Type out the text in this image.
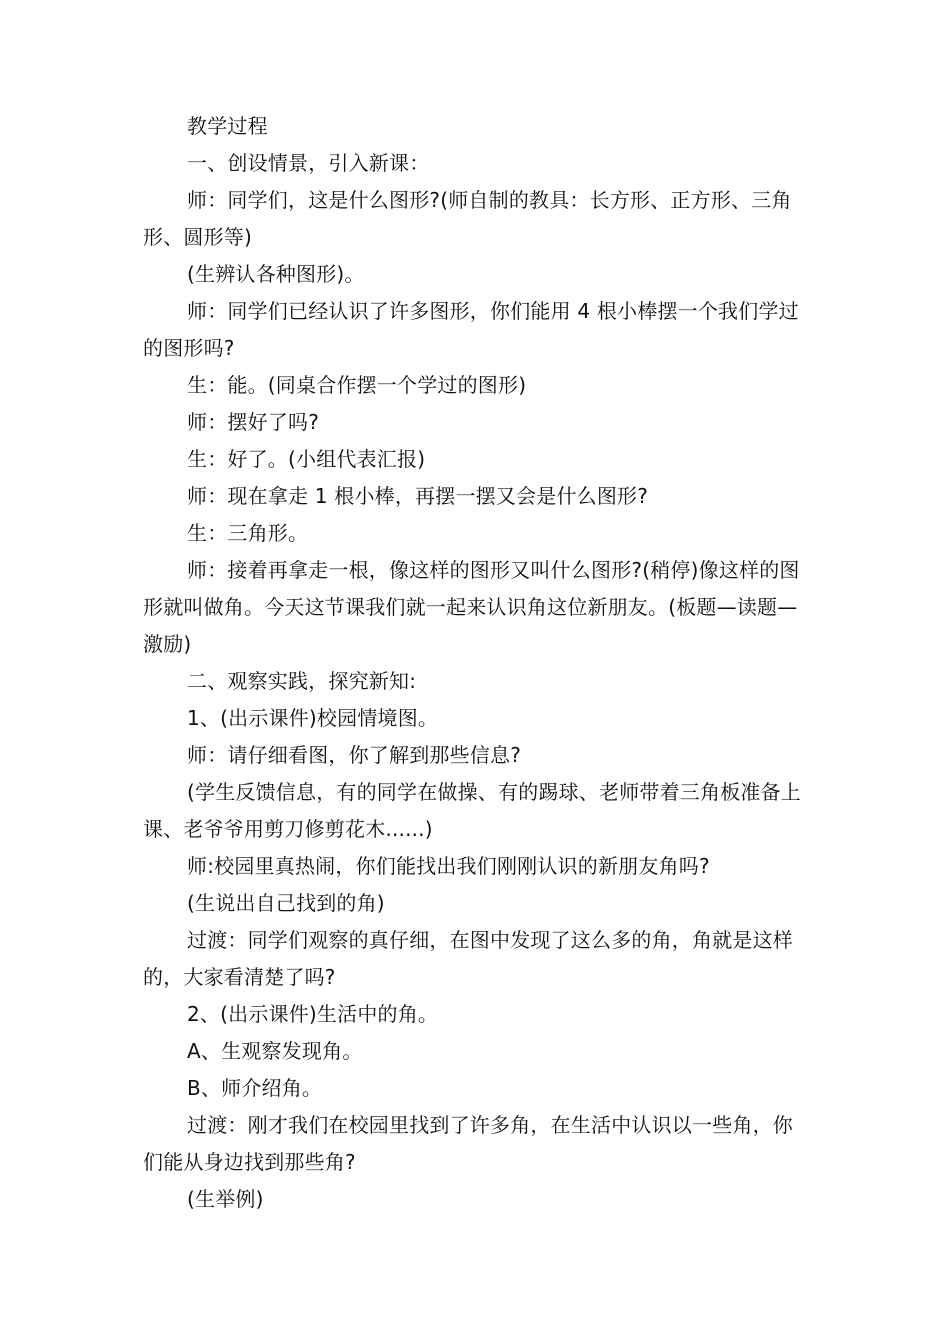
教学过程

一、创设情景，引入新课：

师：同学们，这是什么图形?(师自制的教具：长方形、正方形、三角形、圆形等)

(生辨认各种图形)。

师：同学们已经认识了许多图形，你们能用 4 根小棒摆一个我们学过的图形吗?

生：能。(同桌合作摆一个学过的图形)

师：摆好了吗?

生：好了。(小组代表汇报)

师：现在拿走 1 根小棒，再摆一摆又会是什么图形?

生：三角形。

师：接着再拿走一根，像这样的图形又叫什么图形?(稍停)像这样的图形就叫做角。今天这节课我们就一起来认识角这位新朋友。(板题—读题—激励)

二、观察实践，探究新知:

1、(出示课件)校园情境图。

师：请仔细看图，你了解到那些信息?

(学生反馈信息，有的同学在做操、有的踢球、老师带着三角板准备上课、老爷爷用剪刀修剪花木......)

师:校园里真热闹，你们能找出我们刚刚认识的新朋友角吗?

(生说出自己找到的角)

过渡：同学们观察的真仔细，在图中发现了这么多的角，角就是这样的，大家看清楚了吗?

2、(出示课件)生活中的角。

A、生观察发现角。

B、师介绍角。

过渡：刚才我们在校园里找到了许多角，在生活中认识以一些角，你们能从身边找到那些角?

(生举例)
